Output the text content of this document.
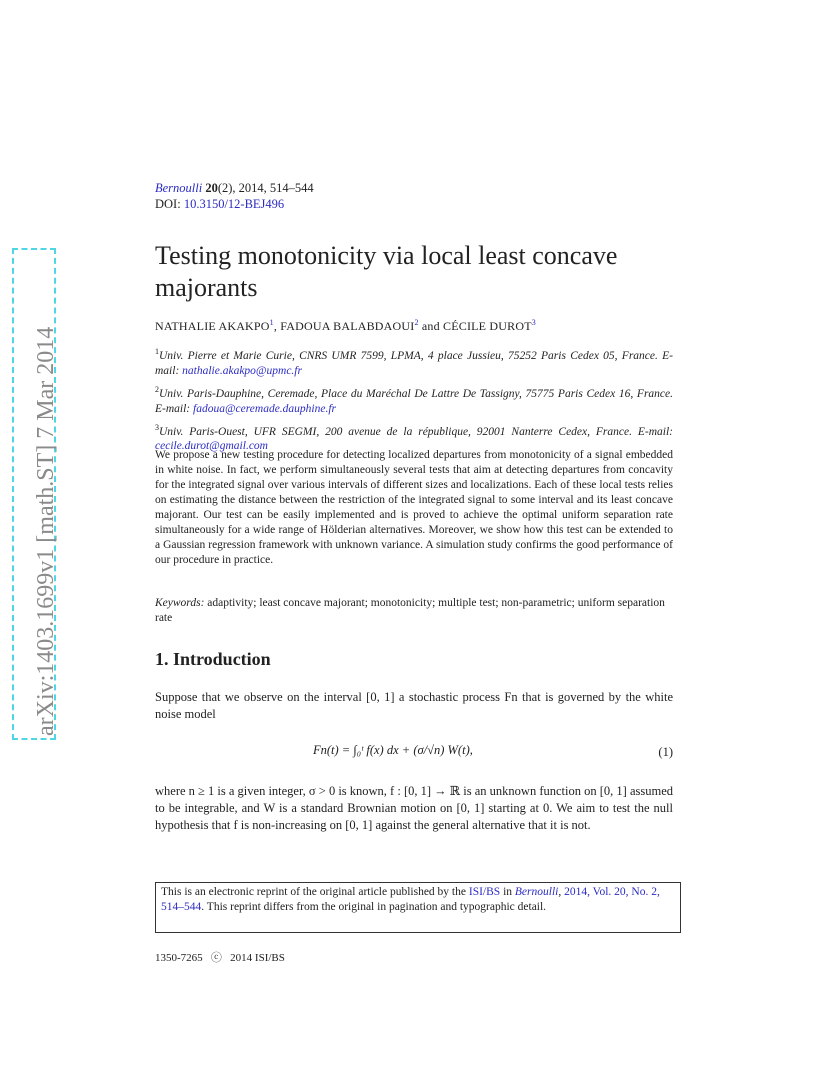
arXiv:1403.1699v1 [math.ST] 7 Mar 2014
Bernoulli 20(2), 2014, 514–544
DOI: 10.3150/12-BEJ496
Testing monotonicity via local least concave majorants
NATHALIE AKAKPO$^1$, FADOUA BALABDAOUI$^2$ and CÉCILE DUROT$^3$

$^1$Univ. Pierre et Marie Curie, CNRS UMR 7599, LPMA, 4 place Jussieu, 75252 Paris Cedex 05, France. E-mail: nathalie.akakpo@upmc.fr

$^2$Univ. Paris-Dauphine, Ceremade, Place du Maréchal De Lattre De Tassigny, 75775 Paris Cedex 16, France. E-mail: fadoua@ceremade.dauphine.fr

$^3$Univ. Paris-Ouest, UFR SEGMI, 200 avenue de la république, 92001 Nanterre Cedex, France. E-mail: cecile.durot@gmail.com

We propose a new testing procedure for detecting localized departures from monotonicity of a signal embedded in white noise. In fact, we perform simultaneously several tests that aim at detecting departures from concavity for the integrated signal over various intervals of different sizes and localizations. Each of these local tests relies on estimating the distance between the restriction of the integrated signal to some interval and its least concave majorant. Our test can be easily implemented and is proved to achieve the optimal uniform separation rate simultaneously for a wide range of Hölderian alternatives. Moreover, we show how this test can be extended to a Gaussian regression framework with unknown variance. A simulation study confirms the good performance of our procedure in practice.

Keywords: adaptivity; least concave majorant; monotonicity; multiple test; non-parametric; uniform separation rate

1. Introduction

Suppose that we observe on the interval [0, 1] a stochastic process Fn that is governed by the white noise model

Fn(t) = ∫₀ᵗ f(x) dx + (σ/√n) W(t),	(1)

where n ≥ 1 is a given integer, σ > 0 is known, f : [0, 1] → ℝ is an unknown function on [0, 1] assumed to be integrable, and W is a standard Brownian motion on [0, 1] starting at 0. We aim to test the null hypothesis that f is non-increasing on [0, 1] against the general alternative that it is not.

This is an electronic reprint of the original article published by the ISI/BS in Bernoulli, 2014, Vol. 20, No. 2, 514–544. This reprint differs from the original in pagination and typographic detail.
1350-7265   ⓒ   2014 ISI/BS
